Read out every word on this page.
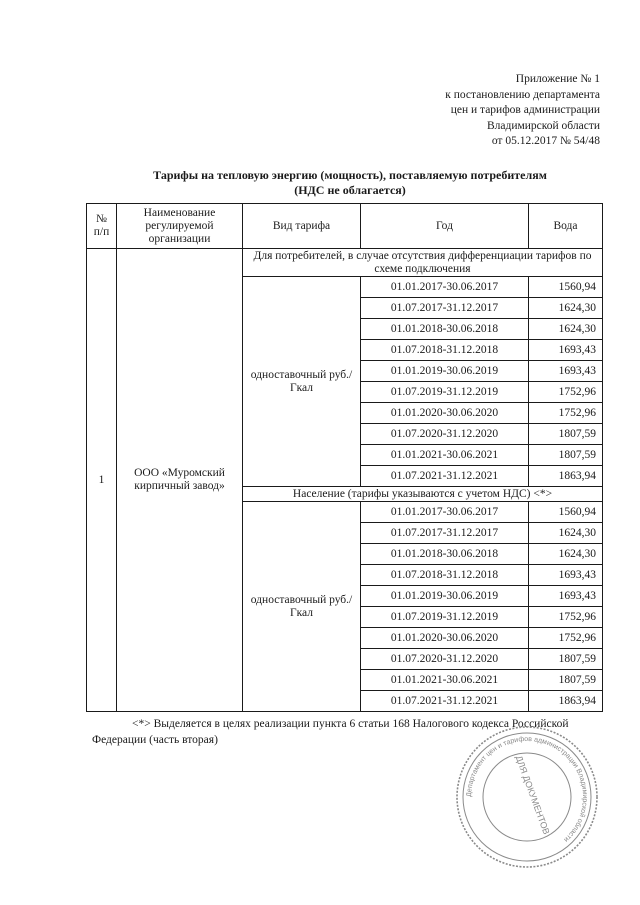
Приложение № 1
к постановлению департамента
цен и тарифов администрации
Владимирской области
от 05.12.2017 № 54/48
Тарифы на тепловую энергию (мощность), поставляемую потребителям
(НДС не облагается)
№ п/п	Наименование регулируемой организации	Вид тарифа	Год	Вода
1	ООО «Муромский кирпичный завод»	Для потребителей, в случае отсутствия дифференциации тарифов по схеме подключения		
		одноставочный руб./Гкал	01.01.2017-30.06.2017	1560,94
			01.07.2017-31.12.2017	1624,30
			01.01.2018-30.06.2018	1624,30
			01.07.2018-31.12.2018	1693,43
			01.01.2019-30.06.2019	1693,43
			01.07.2019-31.12.2019	1752,96
			01.01.2020-30.06.2020	1752,96
			01.07.2020-31.12.2020	1807,59
			01.01.2021-30.06.2021	1807,59
			01.07.2021-31.12.2021	1863,94
		Население (тарифы указываются с учетом НДС) <*>		
		одноставочный руб./Гкал	01.01.2017-30.06.2017	1560,94
			01.07.2017-31.12.2017	1624,30
			01.01.2018-30.06.2018	1624,30
			01.07.2018-31.12.2018	1693,43
			01.01.2019-30.06.2019	1693,43
			01.07.2019-31.12.2019	1752,96
			01.01.2020-30.06.2020	1752,96
			01.07.2020-31.12.2020	1807,59
			01.01.2021-30.06.2021	1807,59
			01.07.2021-31.12.2021	1863,94
<*> Выделяется в целях реализации пункта 6 статьи 168 Налогового кодекса Российской
Федерации (часть вторая)
Департамент цен и тарифов администрации Владимирской области
ДЛЯ ДОКУМЕНТОВ
